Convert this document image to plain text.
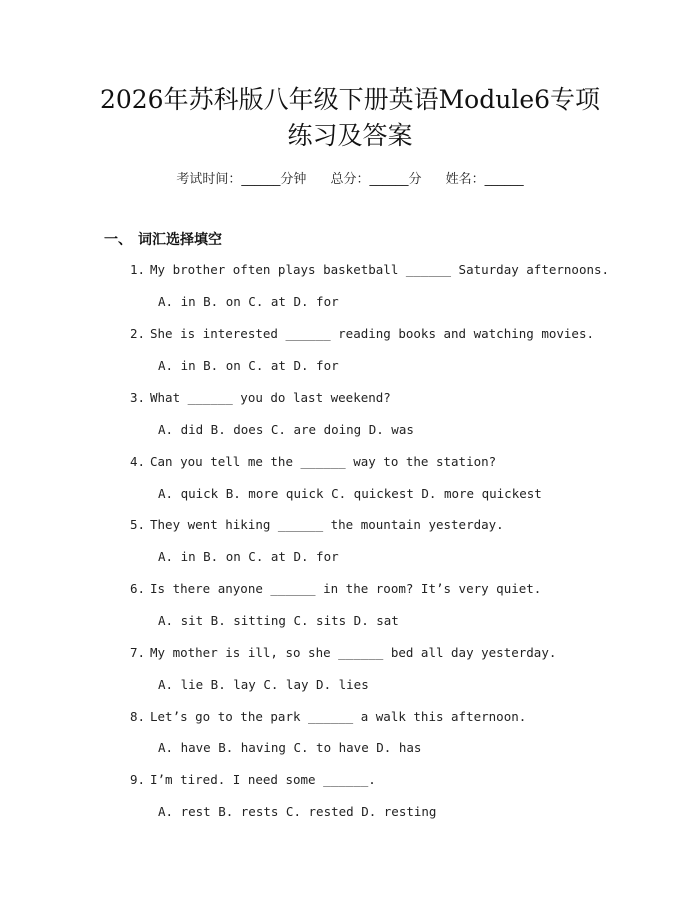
2026年苏科版八年级下册英语Module6专项
练习及答案
考试时间：______分钟 总分：______分 姓名：______
一、 词汇选择填空
1. My brother often plays basketball ______ Saturday afternoons.
A. in B. on C. at D. for
2. She is interested ______ reading books and watching movies.
A. in B. on C. at D. for
3. What ______ you do last weekend?
A. did B. does C. are doing D. was
4. Can you tell me the ______ way to the station?
A. quick B. more quick C. quickest D. more quickest
5. They went hiking ______ the mountain yesterday.
A. in B. on C. at D. for
6. Is there anyone ______ in the room? It’s very quiet.
A. sit B. sitting C. sits D. sat
7. My mother is ill, so she ______ bed all day yesterday.
A. lie B. lay C. lay D. lies
8. Let’s go to the park ______ a walk this afternoon.
A. have B. having C. to have D. has
9. I’m tired. I need some ______.
A. rest B. rests C. rested D. resting
